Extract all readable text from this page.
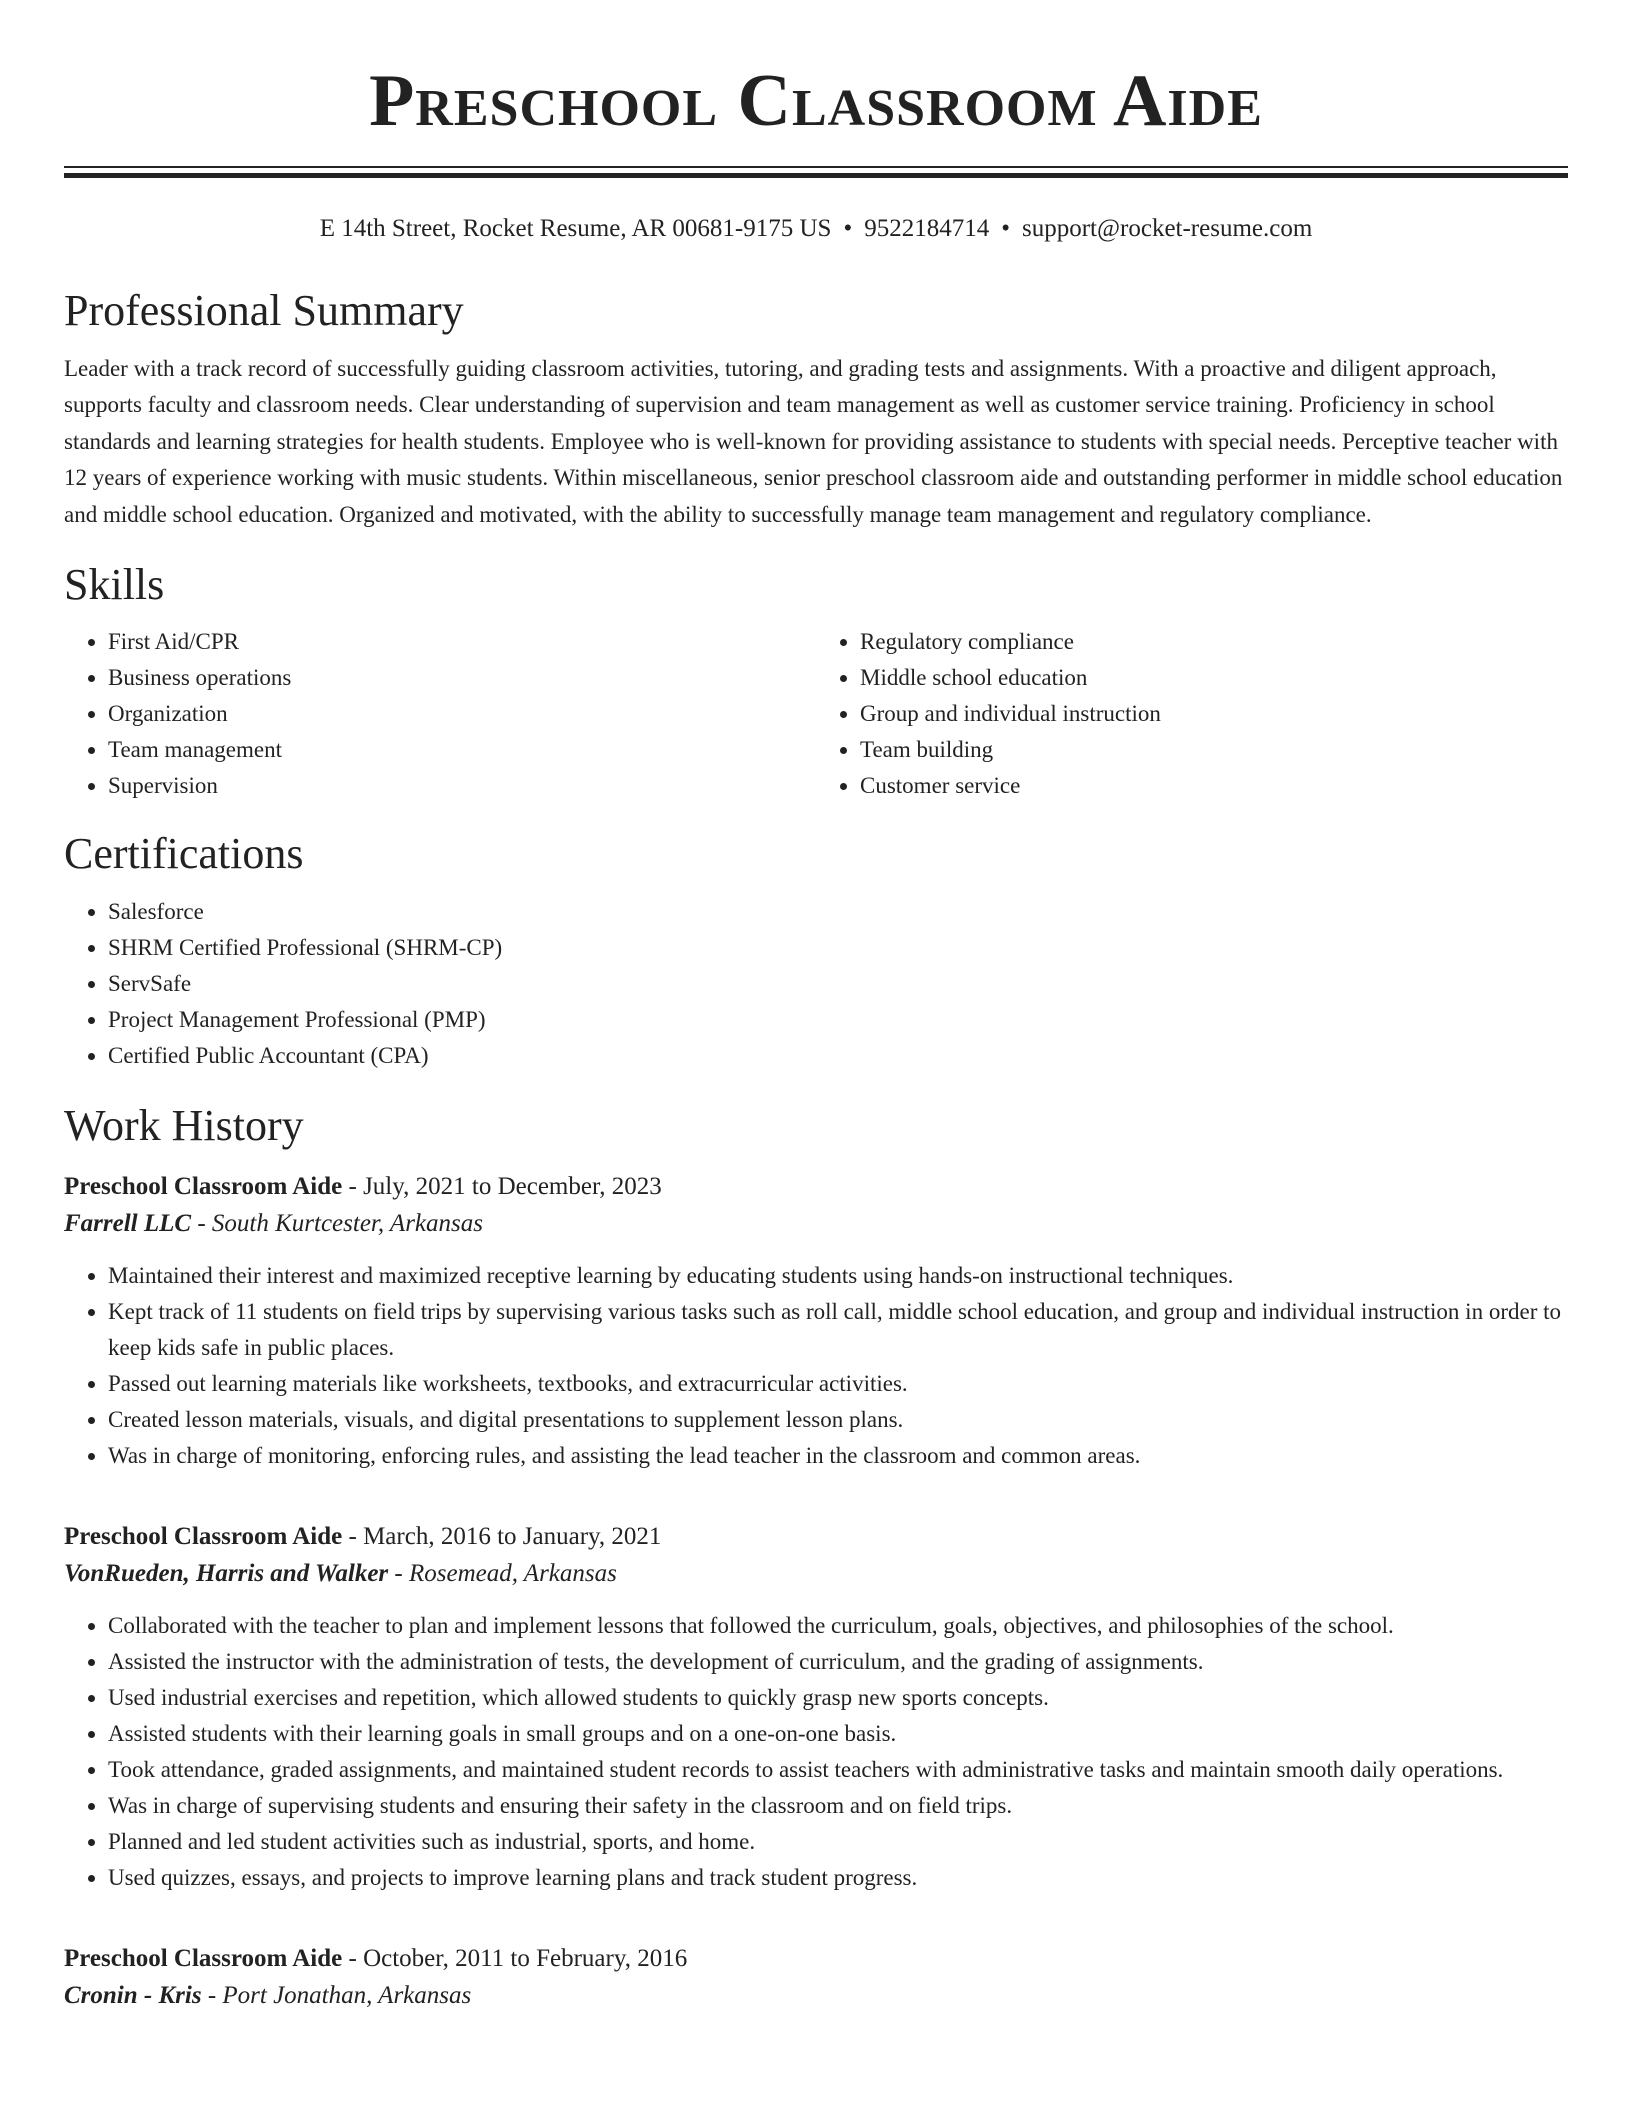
Preschool Classroom Aide
E 14th Street, Rocket Resume, AR 00681-9175 US • 9522184714 • support@rocket-resume.com
Professional Summary

Leader with a track record of successfully guiding classroom activities, tutoring, and grading tests and assignments. With a proactive and diligent approach, supports faculty and classroom needs. Clear understanding of supervision and team management as well as customer service training. Proficiency in school standards and learning strategies for health students. Employee who is well-known for providing assistance to students with special needs. Perceptive teacher with 12 years of experience working with music students. Within miscellaneous, senior preschool classroom aide and outstanding performer in middle school education and middle school education. Organized and motivated, with the ability to successfully manage team management and regulatory compliance.

Skills
• First Aid/CPR
• Business operations
• Organization
• Team management
• Supervision
• Regulatory compliance
• Middle school education
• Group and individual instruction
• Team building
• Customer service
Certifications
• Salesforce
• SHRM Certified Professional (SHRM-CP)
• ServSafe
• Project Management Professional (PMP)
• Certified Public Accountant (CPA)
Work History
Preschool Classroom Aide - July, 2021 to December, 2023
Farrell LLC - South Kurtcester, Arkansas
• Maintained their interest and maximized receptive learning by educating students using hands-on instructional techniques.
• Kept track of 11 students on field trips by supervising various tasks such as roll call, middle school education, and group and individual instruction in order to keep kids safe in public places.
• Passed out learning materials like worksheets, textbooks, and extracurricular activities.
• Created lesson materials, visuals, and digital presentations to supplement lesson plans.
• Was in charge of monitoring, enforcing rules, and assisting the lead teacher in the classroom and common areas.
Preschool Classroom Aide - March, 2016 to January, 2021
VonRueden, Harris and Walker - Rosemead, Arkansas
• Collaborated with the teacher to plan and implement lessons that followed the curriculum, goals, objectives, and philosophies of the school.
• Assisted the instructor with the administration of tests, the development of curriculum, and the grading of assignments.
• Used industrial exercises and repetition, which allowed students to quickly grasp new sports concepts.
• Assisted students with their learning goals in small groups and on a one-on-one basis.
• Took attendance, graded assignments, and maintained student records to assist teachers with administrative tasks and maintain smooth daily operations.
• Was in charge of supervising students and ensuring their safety in the classroom and on field trips.
• Planned and led student activities such as industrial, sports, and home.
• Used quizzes, essays, and projects to improve learning plans and track student progress.
Preschool Classroom Aide - October, 2011 to February, 2016
Cronin - Kris - Port Jonathan, Arkansas
